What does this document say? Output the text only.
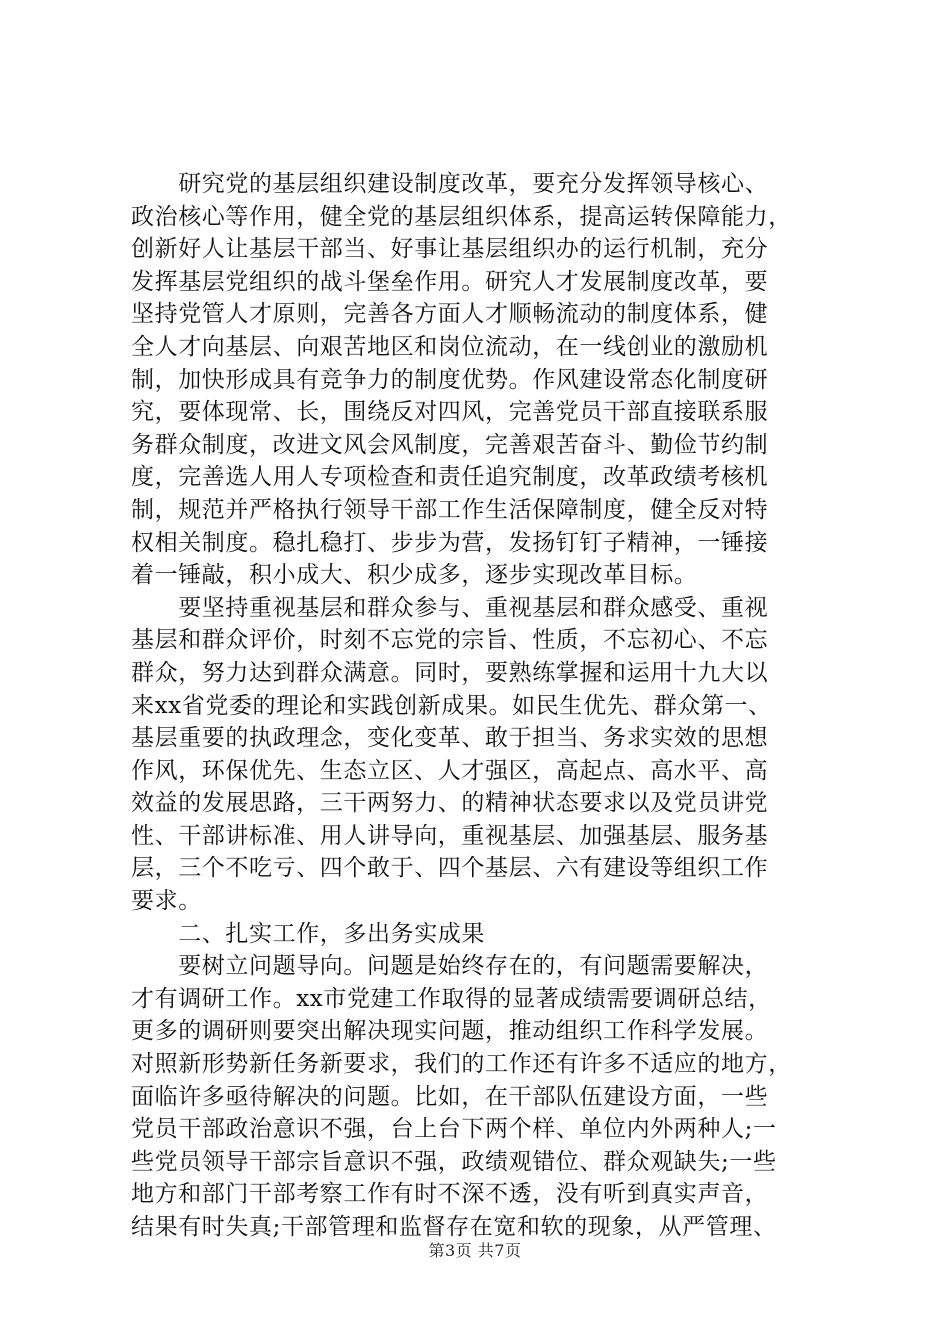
　　研究党的基层组织建设制度改革，要充分发挥领导核心、
政治核心等作用，健全党的基层组织体系，提高运转保障能力，
创新好人让基层干部当、好事让基层组织办的运行机制，充分
发挥基层党组织的战斗堡垒作用。研究人才发展制度改革，要
坚持党管人才原则，完善各方面人才顺畅流动的制度体系，健
全人才向基层、向艰苦地区和岗位流动，在一线创业的激励机
制，加快形成具有竞争力的制度优势。作风建设常态化制度研
究，要体现常、长，围绕反对四风，完善党员干部直接联系服
务群众制度，改进文风会风制度，完善艰苦奋斗、勤俭节约制
度，完善选人用人专项检查和责任追究制度，改革政绩考核机
制，规范并严格执行领导干部工作生活保障制度，健全反对特
权相关制度。稳扎稳打、步步为营，发扬钉钉子精神，一锤接
着一锤敲，积小成大、积少成多，逐步实现改革目标。
　　要坚持重视基层和群众参与、重视基层和群众感受、重视
基层和群众评价，时刻不忘党的宗旨、性质，不忘初心、不忘
群众，努力达到群众满意。同时，要熟练掌握和运用十九大以
来xx省党委的理论和实践创新成果。如民生优先、群众第一、
基层重要的执政理念，变化变革、敢于担当、务求实效的思想
作风，环保优先、生态立区、人才强区，高起点、高水平、高
效益的发展思路，三干两努力、的精神状态要求以及党员讲党
性、干部讲标准、用人讲导向，重视基层、加强基层、服务基
层，三个不吃亏、四个敢于、四个基层、六有建设等组织工作
要求。
　　二、扎实工作，多出务实成果
　　要树立问题导向。问题是始终存在的，有问题需要解决，
才有调研工作。xx市党建工作取得的显著成绩需要调研总结，
更多的调研则要突出解决现实问题，推动组织工作科学发展。
对照新形势新任务新要求，我们的工作还有许多不适应的地方，
面临许多亟待解决的问题。比如，在干部队伍建设方面，一些
党员干部政治意识不强，台上台下两个样、单位内外两种人;一
些党员领导干部宗旨意识不强，政绩观错位、群众观缺失;一些
地方和部门干部考察工作有时不深不透，没有听到真实声音，
结果有时失真;干部管理和监督存在宽和软的现象，从严管理、
第3页 共7页
